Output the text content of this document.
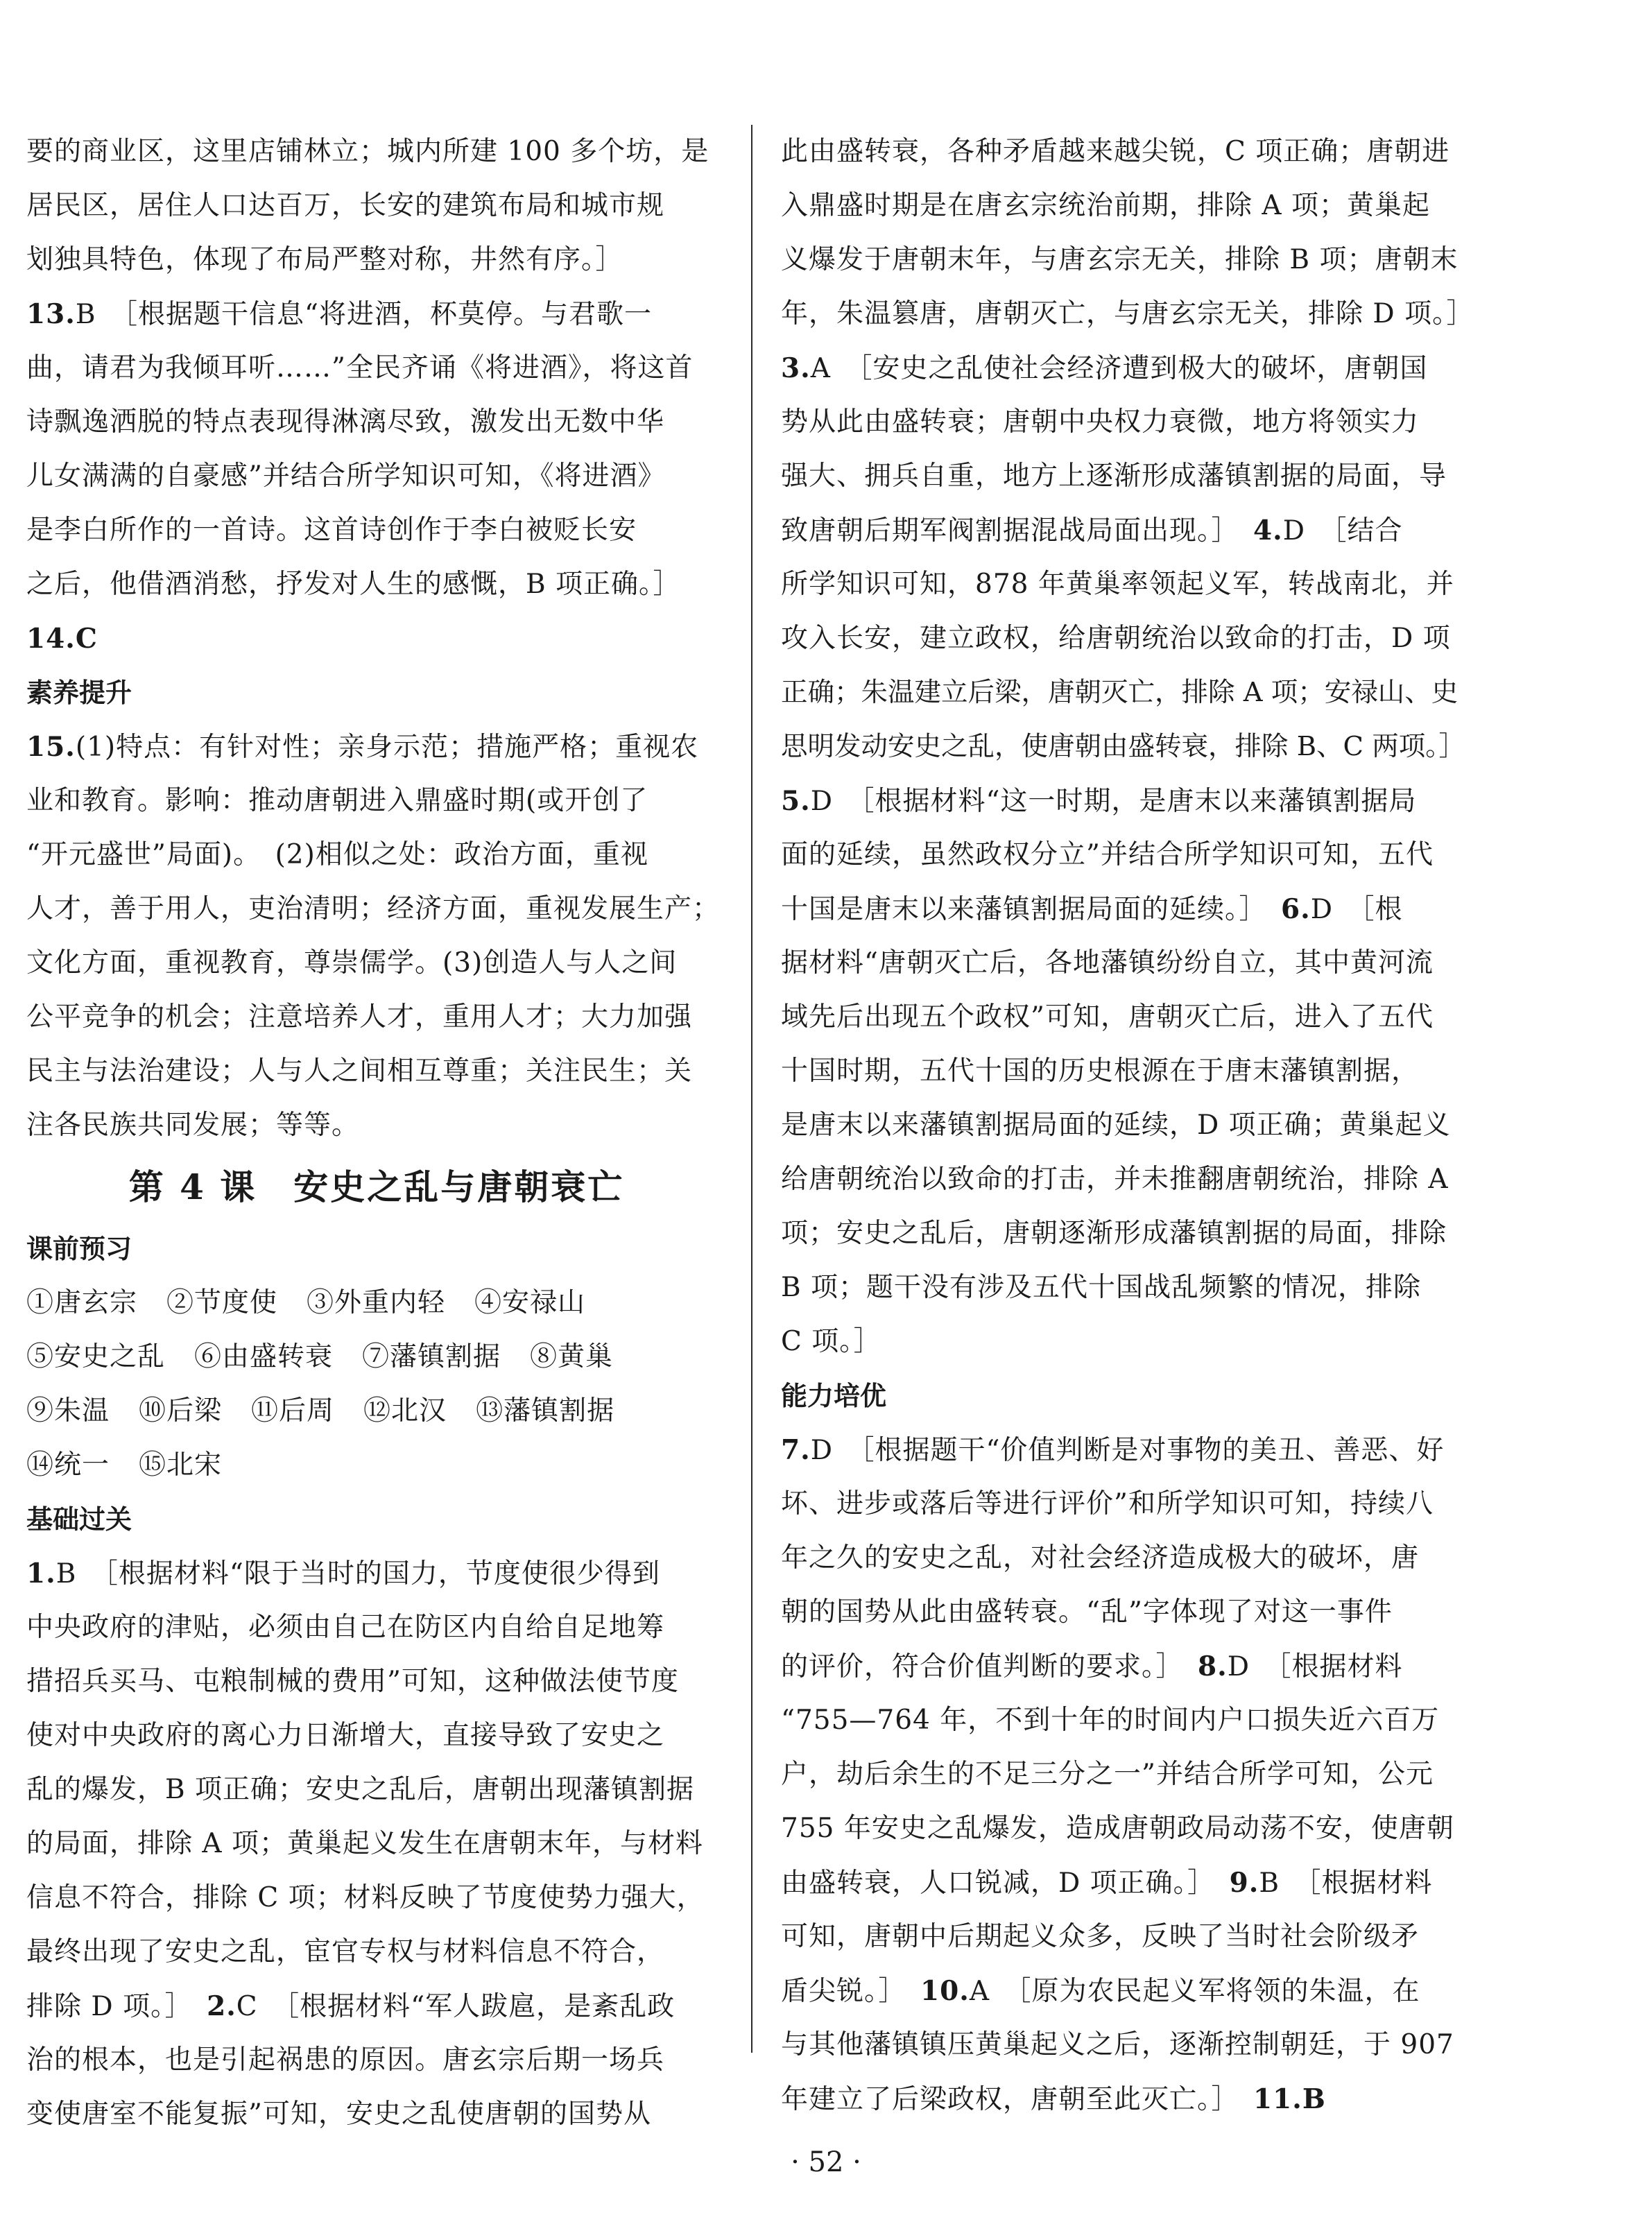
要的商业区，这里店铺林立；城内所建 100 多个坊，是
居民区，居住人口达百万，长安的建筑布局和城市规
划独具特色，体现了布局严整对称，井然有序。］
13.B　［根据题干信息“将进酒，杯莫停。与君歌一
曲，请君为我倾耳听……”全民齐诵《将进酒》，将这首
诗飘逸洒脱的特点表现得淋漓尽致，激发出无数中华
儿女满满的自豪感”并结合所学知识可知，《将进酒》
是李白所作的一首诗。这首诗创作于李白被贬长安
之后，他借酒消愁，抒发对人生的感慨，B 项正确。］
14.C
素养提升
15.(1)特点：有针对性；亲身示范；措施严格；重视农
业和教育。影响：推动唐朝进入鼎盛时期(或开创了
“开元盛世”局面)。　(2)相似之处：政治方面，重视
人才，善于用人，吏治清明；经济方面，重视发展生产；
文化方面，重视教育，尊崇儒学。(3)创造人与人之间
公平竞争的机会；注意培养人才，重用人才；大力加强
民主与法治建设；人与人之间相互尊重；关注民生；关
注各民族共同发展；等等。
第 4 课　安史之乱与唐朝衰亡
课前预习
①唐玄宗 ②节度使 ③外重内轻 ④安禄山
⑤安史之乱 ⑥由盛转衰 ⑦藩镇割据 ⑧黄巢
⑨朱温 ⑩后梁 ⑪后周 ⑫北汉 ⑬藩镇割据
⑭统一 ⑮北宋
基础过关
1.B　［根据材料“限于当时的国力，节度使很少得到
中央政府的津贴，必须由自己在防区内自给自足地筹
措招兵买马、屯粮制械的费用”可知，这种做法使节度
使对中央政府的离心力日渐增大，直接导致了安史之
乱的爆发，B 项正确；安史之乱后，唐朝出现藩镇割据
的局面，排除 A 项；黄巢起义发生在唐朝末年，与材料
信息不符合，排除 C 项；材料反映了节度使势力强大，
最终出现了安史之乱，宦官专权与材料信息不符合，
排除 D 项。］　2.C　［根据材料“军人跋扈，是紊乱政
治的根本，也是引起祸患的原因。唐玄宗后期一场兵
变使唐室不能复振”可知，安史之乱使唐朝的国势从
此由盛转衰，各种矛盾越来越尖锐，C 项正确；唐朝进
入鼎盛时期是在唐玄宗统治前期，排除 A 项；黄巢起
义爆发于唐朝末年，与唐玄宗无关，排除 B 项；唐朝末
年，朱温篡唐，唐朝灭亡，与唐玄宗无关，排除 D 项。］
3.A　［安史之乱使社会经济遭到极大的破坏，唐朝国
势从此由盛转衰；唐朝中央权力衰微，地方将领实力
强大、拥兵自重，地方上逐渐形成藩镇割据的局面，导
致唐朝后期军阀割据混战局面出现。］　4.D　［结合
所学知识可知，878 年黄巢率领起义军，转战南北，并
攻入长安，建立政权，给唐朝统治以致命的打击，D 项
正确；朱温建立后梁，唐朝灭亡，排除 A 项；安禄山、史
思明发动安史之乱，使唐朝由盛转衰，排除 B、C 两项。］
5.D　［根据材料“这一时期，是唐末以来藩镇割据局
面的延续，虽然政权分立”并结合所学知识可知，五代
十国是唐末以来藩镇割据局面的延续。］　6.D　［根
据材料“唐朝灭亡后，各地藩镇纷纷自立，其中黄河流
域先后出现五个政权”可知，唐朝灭亡后，进入了五代
十国时期，五代十国的历史根源在于唐末藩镇割据，
是唐末以来藩镇割据局面的延续，D 项正确；黄巢起义
给唐朝统治以致命的打击，并未推翻唐朝统治，排除 A
项；安史之乱后，唐朝逐渐形成藩镇割据的局面，排除
B 项；题干没有涉及五代十国战乱频繁的情况，排除
C 项。］
能力培优
7.D　［根据题干“价值判断是对事物的美丑、善恶、好
坏、进步或落后等进行评价”和所学知识可知，持续八
年之久的安史之乱，对社会经济造成极大的破坏，唐
朝的国势从此由盛转衰。“乱”字体现了对这一事件
的评价，符合价值判断的要求。］　8.D　［根据材料
“755—764 年，不到十年的时间内户口损失近六百万
户，劫后余生的不足三分之一”并结合所学可知，公元
755 年安史之乱爆发，造成唐朝政局动荡不安，使唐朝
由盛转衰，人口锐减，D 项正确。］　9.B　［根据材料
可知，唐朝中后期起义众多，反映了当时社会阶级矛
盾尖锐。］　10.A　［原为农民起义军将领的朱温，在
与其他藩镇镇压黄巢起义之后，逐渐控制朝廷，于 907
年建立了后梁政权，唐朝至此灭亡。］　11.B
· 52 ·
